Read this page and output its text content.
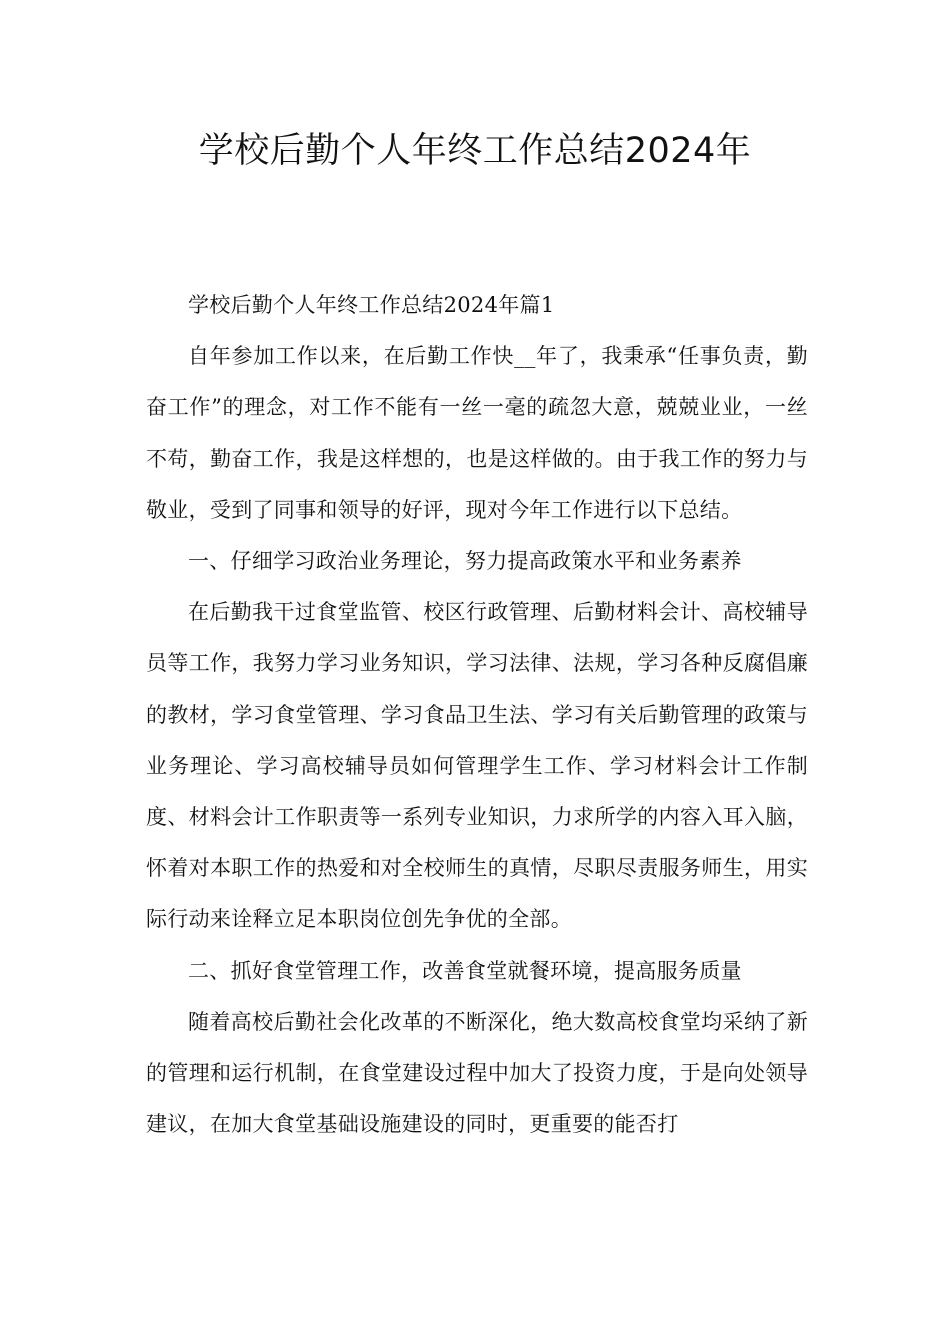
学校后勤个人年终工作总结2024年

学校后勤个人年终工作总结2024年篇1

自年参加工作以来，在后勤工作快__年了，我秉承“任事负责，勤奋工作”的理念，对工作不能有一丝一毫的疏忽大意，兢兢业业，一丝不苟，勤奋工作，我是这样想的，也是这样做的。由于我工作的努力与敬业，受到了同事和领导的好评，现对今年工作进行以下总结。

一、仔细学习政治业务理论，努力提高政策水平和业务素养

在后勤我干过食堂监管、校区行政管理、后勤材料会计、高校辅导员等工作，我努力学习业务知识，学习法律、法规，学习各种反腐倡廉的教材，学习食堂管理、学习食品卫生法、学习有关后勤管理的政策与业务理论、学习高校辅导员如何管理学生工作、学习材料会计工作制度、材料会计工作职责等一系列专业知识，力求所学的内容入耳入脑，怀着对本职工作的热爱和对全校师生的真情，尽职尽责服务师生，用实际行动来诠释立足本职岗位创先争优的全部。

二、抓好食堂管理工作，改善食堂就餐环境，提高服务质量

随着高校后勤社会化改革的不断深化，绝大数高校食堂均采纳了新的管理和运行机制，在食堂建设过程中加大了投资力度，于是向处领导建议，在加大食堂基础设施建设的同时，更重要的能否打
